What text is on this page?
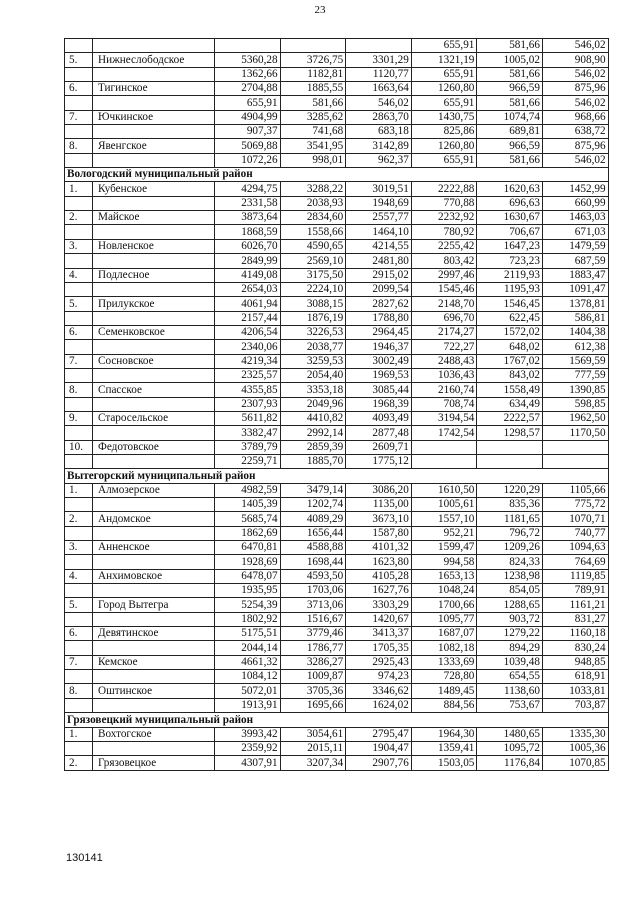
23
					655,91	581,66	546,02
5.	Нижнеслободское	5360,28	3726,75	3301,29	1321,19	1005,02	908,90
		1362,66	1182,81	1120,77	655,91	581,66	546,02
6.	Тигинское	2704,88	1885,55	1663,64	1260,80	966,59	875,96
		655,91	581,66	546,02	655,91	581,66	546,02
7.	Ючкинское	4904,99	3285,62	2863,70	1430,75	1074,74	968,66
		907,37	741,68	683,18	825,86	689,81	638,72
8.	Явенгское	5069,88	3541,95	3142,89	1260,80	966,59	875,96
		1072,26	998,01	962,37	655,91	581,66	546,02
Вологодский муниципальный район							
1.	Кубенское	4294,75	3288,22	3019,51	2222,88	1620,63	1452,99
		2331,58	2038,93	1948,69	770,88	696,63	660,99
2.	Майское	3873,64	2834,60	2557,77	2232,92	1630,67	1463,03
		1868,59	1558,66	1464,10	780,92	706,67	671,03
3.	Новленское	6026,70	4590,65	4214,55	2255,42	1647,23	1479,59
		2849,99	2569,10	2481,80	803,42	723,23	687,59
4.	Подлесное	4149,08	3175,50	2915,02	2997,46	2119,93	1883,47
		2654,03	2224,10	2099,54	1545,46	1195,93	1091,47
5.	Прилукское	4061,94	3088,15	2827,62	2148,70	1546,45	1378,81
		2157,44	1876,19	1788,80	696,70	622,45	586,81
6.	Семенковское	4206,54	3226,53	2964,45	2174,27	1572,02	1404,38
		2340,06	2038,77	1946,37	722,27	648,02	612,38
7.	Сосновское	4219,34	3259,53	3002,49	2488,43	1767,02	1569,59
		2325,57	2054,40	1969,53	1036,43	843,02	777,59
8.	Спасское	4355,85	3353,18	3085,44	2160,74	1558,49	1390,85
		2307,93	2049,96	1968,39	708,74	634,49	598,85
9.	Старосельское	5611,82	4410,82	4093,49	3194,54	2222,57	1962,50
		3382,47	2992,14	2877,48	1742,54	1298,57	1170,50
10.	Федотовское	3789,79	2859,39	2609,71			
		2259,71	1885,70	1775,12			
Вытегорский муниципальный район							
1.	Алмозерское	4982,59	3479,14	3086,20	1610,50	1220,29	1105,66
		1405,39	1202,74	1135,00	1005,61	835,36	775,72
2.	Андомское	5685,74	4089,29	3673,10	1557,10	1181,65	1070,71
		1862,69	1656,44	1587,80	952,21	796,72	740,77
3.	Анненское	6470,81	4588,88	4101,32	1599,47	1209,26	1094,63
		1928,69	1698,44	1623,80	994,58	824,33	764,69
4.	Анхимовское	6478,07	4593,50	4105,28	1653,13	1238,98	1119,85
		1935,95	1703,06	1627,76	1048,24	854,05	789,91
5.	Город Вытегра	5254,39	3713,06	3303,29	1700,66	1288,65	1161,21
		1802,92	1516,67	1420,67	1095,77	903,72	831,27
6.	Девятинское	5175,51	3779,46	3413,37	1687,07	1279,22	1160,18
		2044,14	1786,77	1705,35	1082,18	894,29	830,24
7.	Кемское	4661,32	3286,27	2925,43	1333,69	1039,48	948,85
		1084,12	1009,87	974,23	728,80	654,55	618,91
8.	Оштинское	5072,01	3705,36	3346,62	1489,45	1138,60	1033,81
		1913,91	1695,66	1624,02	884,56	753,67	703,87
Грязовецкий муниципальный район							
1.	Вохтогское	3993,42	3054,61	2795,47	1964,30	1480,65	1335,30
		2359,92	2015,11	1904,47	1359,41	1095,72	1005,36
2.	Грязовецкое	4307,91	3207,34	2907,76	1503,05	1176,84	1070,85
130141
